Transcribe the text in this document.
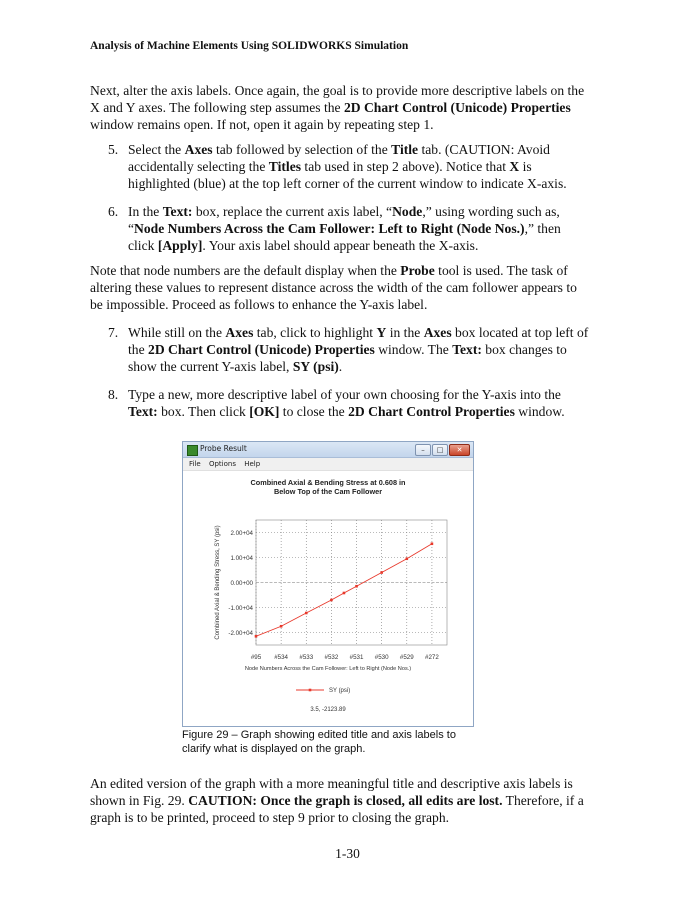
Analysis of Machine Elements Using SOLIDWORKS Simulation

Next, alter the axis labels. Once again, the goal is to provide more descriptive labels on the X and Y axes. The following step assumes the 2D Chart Control (Unicode) Properties window remains open. If not, open it again by repeating step 1.

5. Select the Axes tab followed by selection of the Title tab. (CAUTION: Avoid accidentally selecting the Titles tab used in step 2 above). Notice that X is highlighted (blue) at the top left corner of the current window to indicate X-axis.

6. In the Text: box, replace the current axis label, “Node,” using wording such as, “Node Numbers Across the Cam Follower: Left to Right (Node Nos.),” then click [Apply]. Your axis label should appear beneath the X-axis.

Note that node numbers are the default display when the Probe tool is used. The task of altering these values to represent distance across the width of the cam follower appears to be impossible. Proceed as follows to enhance the Y-axis label.

7. While still on the Axes tab, click to highlight Y in the Axes box located at top left of the 2D Chart Control (Unicode) Properties window. The Text: box changes to show the current Y-axis label, SY (psi).

8. Type a new, more descriptive label of your own choosing for the Y-axis into the Text: box. Then click [OK] to close the 2D Chart Control Properties window.

Probe Result	–	□	✕
File Options Help
Combined Axial & Bending Stress at 0.608 in
Below Top of the Cam Follower
2.00+04
1.00+04
0.00+00
-1.00+04
-2.00+04
#95 #534 #533 #532 #531 #530 #529 #272
Node Numbers Across the Cam Follower: Left to Right (Node Nos.)
Combined Axial & Bending Stress, SY (psi)
SY (psi)
3.5, -2123.89
Figure 29 – Graph showing edited title and axis labels to clarify what is displayed on the graph.

An edited version of the graph with a more meaningful title and descriptive axis labels is shown in Fig. 29. CAUTION: Once the graph is closed, all edits are lost. Therefore, if a graph is to be printed, proceed to step 9 prior to closing the graph.

1-30
